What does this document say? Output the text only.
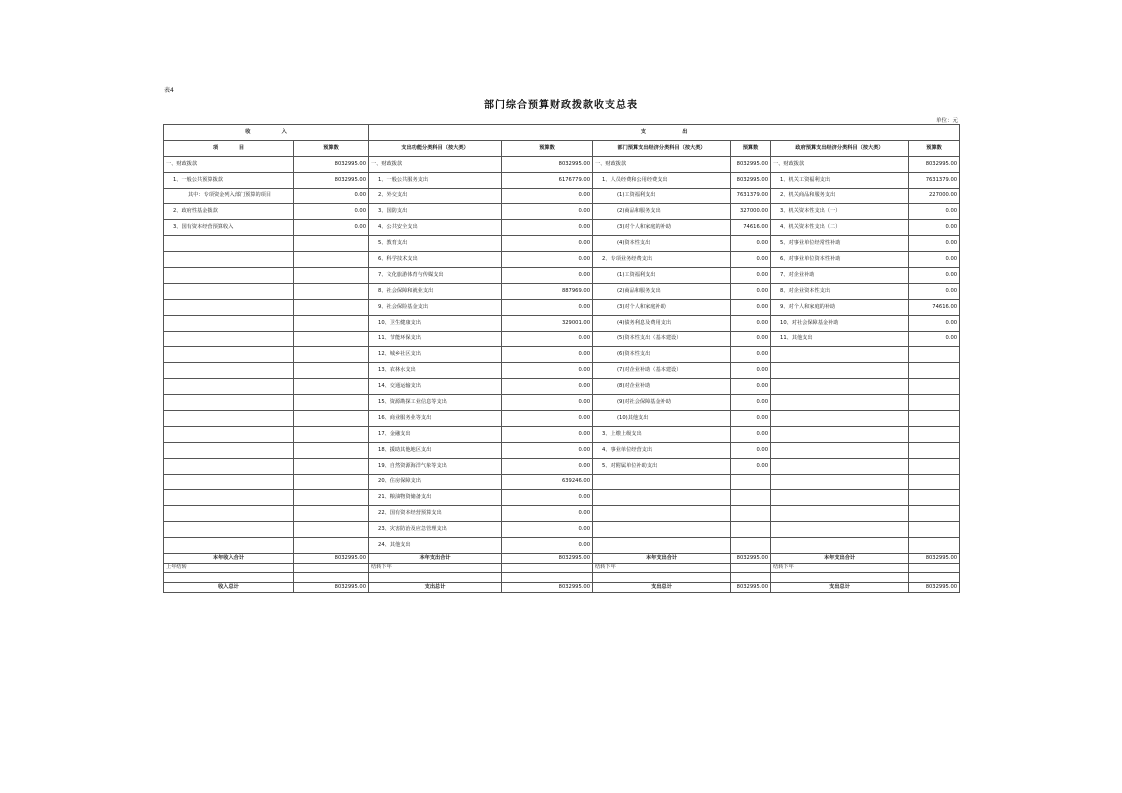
表4
部门综合预算财政拨款收支总表
单位：元
收　　　　　　入		支　　　　　　　出					
项　　　　目	预算数	支出功能分类科目（按大类）	预算数	部门预算支出经济分类科目（按大类）	预算数	政府预算支出经济分类科目（按大类）	预算数
一、财政拨款	8032995.00	一、财政拨款	8032995.00	一、财政拨款	8032995.00	一、财政拨款	8032995.00
1、一般公共预算拨款	8032995.00	1、一般公共服务支出	6176779.00	1、人员经费和公用经费支出	8032995.00	1、机关工资福利支出	7631379.00
其中：专项资金列入部门预算的项目	0.00	2、外交支出	0.00	(1)工资福利支出	7631379.00	2、机关商品和服务支出	227000.00
2、政府性基金拨款	0.00	3、国防支出	0.00	(2)商品和服务支出	327000.00	3、机关资本性支出（一）	0.00
3、国有资本经营预算收入	0.00	4、公共安全支出	0.00	(3)对个人和家庭的补助	74616.00	4、机关资本性支出（二）	0.00
		5、教育支出	0.00	(4)资本性支出	0.00	5、对事业单位经常性补助	0.00
		6、科学技术支出	0.00	2、专项业务经费支出	0.00	6、对事业单位资本性补助	0.00
		7、文化旅游体育与传媒支出	0.00	(1)工资福利支出	0.00	7、对企业补助	0.00
		8、社会保障和就业支出	887969.00	(2)商品和服务支出	0.00	8、对企业资本性支出	0.00
		9、社会保险基金支出	0.00	(3)对个人和家庭补助	0.00	9、对个人和家庭的补助	74616.00
		10、卫生健康支出	329001.00	(4)债务利息及费用支出	0.00	10、对社会保障基金补助	0.00
		11、节能环保支出	0.00	(5)资本性支出（基本建设）	0.00	11、其他支出	0.00
		12、城乡社区支出	0.00	(6)资本性支出	0.00		
		13、农林水支出	0.00	(7)对企业补助（基本建设）	0.00		
		14、交通运输支出	0.00	(8)对企业补助	0.00		
		15、资源勘探工业信息等支出	0.00	(9)对社会保障基金补助	0.00		
		16、商业服务业等支出	0.00	(10)其他支出	0.00		
		17、金融支出	0.00	3、上缴上级支出	0.00		
		18、援助其他地区支出	0.00	4、事业单位经营支出	0.00		
		19、自然资源海洋气象等支出	0.00	5、对附属单位补助支出	0.00		
		20、住房保障支出	639246.00				
		21、粮油物资储备支出	0.00				
		22、国有资本经营预算支出	0.00				
		23、灾害防治及应急管理支出	0.00				
		24、其他支出	0.00				
本年收入合计	8032995.00	本年支出合计	8032995.00	本年支出合计	8032995.00	本年支出合计	8032995.00
上年结转		结转下年		结转下年		结转下年	

收入总计	8032995.00	支出总计	8032995.00	支出总计	8032995.00	支出总计	8032995.00
